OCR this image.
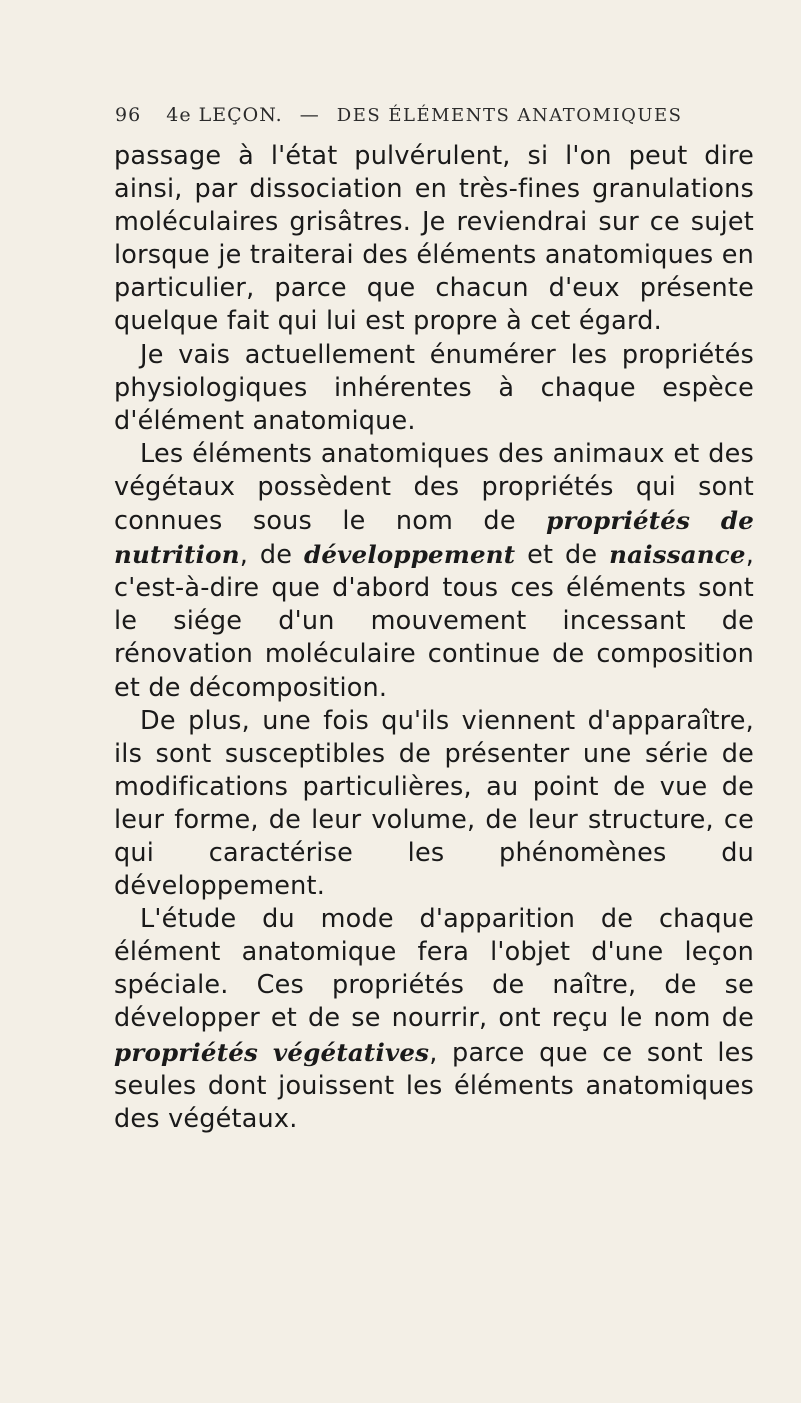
96 4e LEÇON. — DES ÉLÉMENTS ANATOMIQUES

passage à l'état pulvérulent, si l'on peut dire ainsi, par dissociation en très-fines granulations moléculaires grisâtres. Je reviendrai sur ce sujet lorsque je traiterai des éléments anatomiques en particulier, parce que chacun d'eux présente quelque fait qui lui est propre à cet égard.

Je vais actuellement énumérer les propriétés physiologiques inhérentes à chaque espèce d'élément anatomique.

Les éléments anatomiques des animaux et des végétaux possèdent des propriétés qui sont connues sous le nom de propriétés de nutrition, de développement et de naissance, c'est-à-dire que d'abord tous ces éléments sont le siége d'un mouvement incessant de rénovation moléculaire continue de composition et de décomposition.

De plus, une fois qu'ils viennent d'apparaître, ils sont susceptibles de présenter une série de modifications particulières, au point de vue de leur forme, de leur volume, de leur structure, ce qui caractérise les phénomènes du développement.

L'étude du mode d'apparition de chaque élément anatomique fera l'objet d'une leçon spéciale. Ces propriétés de naître, de se développer et de se nourrir, ont reçu le nom de propriétés végétatives, parce que ce sont les seules dont jouissent les éléments anatomiques des végétaux.
